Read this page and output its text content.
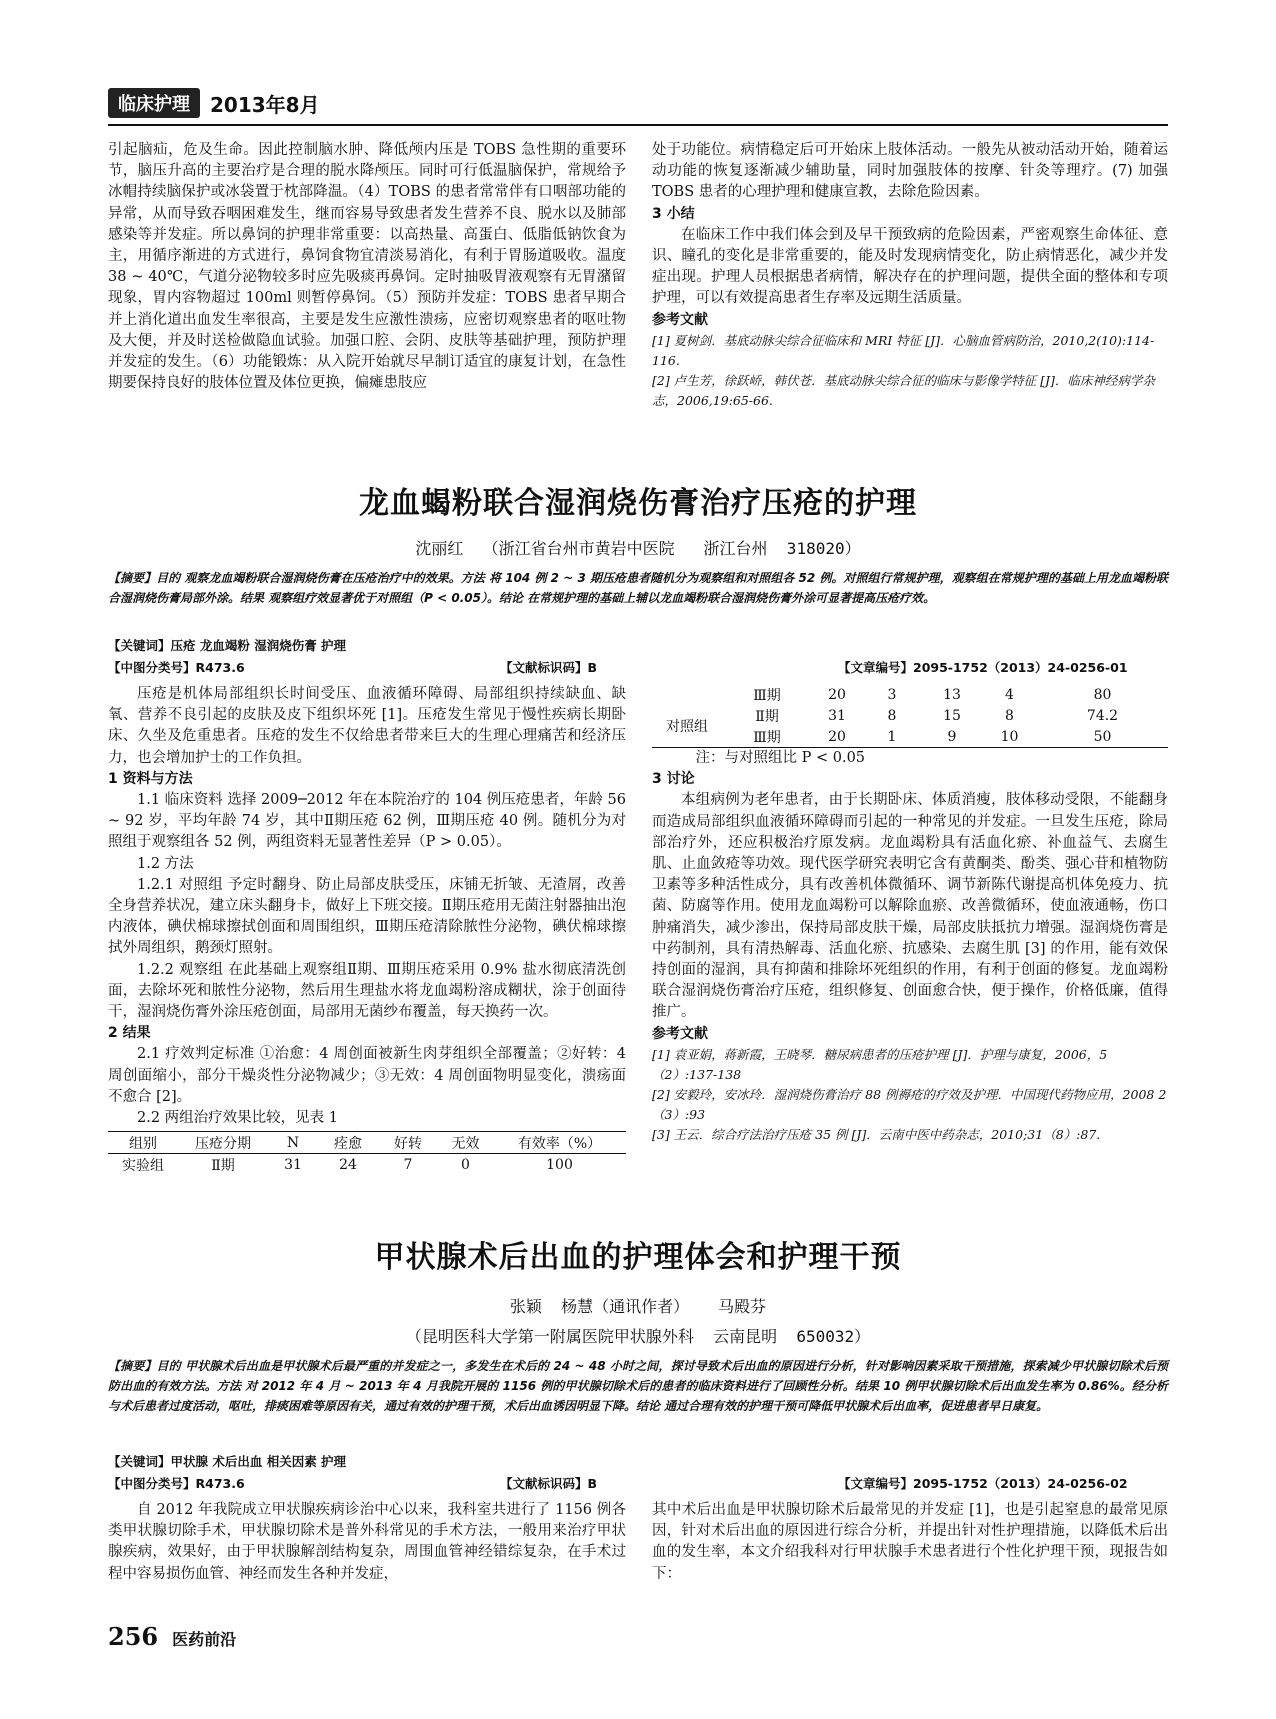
临床护理	2013年8月

引起脑疝，危及生命。因此控制脑水肿、降低颅内压是 TOBS 急性期的重要环节，脑压升高的主要治疗是合理的脱水降颅压。同时可行低温脑保护，常规给予冰帽持续脑保护或冰袋置于枕部降温。（4）TOBS 的患者常常伴有口咽部功能的异常，从而导致吞咽困难发生，继而容易导致患者发生营养不良、脱水以及肺部感染等并发症。所以鼻饲的护理非常重要：以高热量、高蛋白、低脂低钠饮食为主，用循序渐进的方式进行，鼻饲食物宜清淡易消化，有利于胃肠道吸收。温度 38 ~ 40℃，气道分泌物较多时应先吸痰再鼻饲。定时抽吸胃液观察有无胃潴留现象，胃内容物超过 100ml 则暂停鼻饲。（5）预防并发症：TOBS 患者早期合并上消化道出血发生率很高，主要是发生应激性溃疡，应密切观察患者的呕吐物及大便，并及时送检做隐血试验。加强口腔、会阴、皮肤等基础护理，预防护理并发症的发生。（6）功能锻炼：从入院开始就尽早制订适宜的康复计划，在急性期要保持良好的肢体位置及体位更换，偏瘫患肢应

处于功能位。病情稳定后可开始床上肢体活动。一般先从被动活动开始，随着运动功能的恢复逐渐减少辅助量，同时加强肢体的按摩、针灸等理疗。(7) 加强 TOBS 患者的心理护理和健康宣教，去除危险因素。

3 小结

在临床工作中我们体会到及早干预致病的危险因素，严密观察生命体征、意识、瞳孔的变化是非常重要的，能及时发现病情变化，防止病情恶化，减少并发症出现。护理人员根据患者病情，解决存在的护理问题，提供全面的整体和专项护理，可以有效提高患者生存率及远期生活质量。

参考文献

[1] 夏树剑．基底动脉尖综合征临床和 MRI 特征 [J]．心脑血管病防治，2010,2(10):114-116.

[2] 卢生芳，徐跃峤，韩伏苍．基底动脉尖综合征的临床与影像学特征 [J]．临床神经病学杂志，2006,19:65-66.

龙血蝎粉联合湿润烧伤膏治疗压疮的护理
沈丽红  （浙江省台州市黄岩中医院   浙江台州  318020）

【摘要】目的 观察龙血竭粉联合湿润烧伤膏在压疮治疗中的效果。方法 将 104 例 2 ~ 3 期压疮患者随机分为观察组和对照组各 52 例。对照组行常规护理，观察组在常规护理的基础上用龙血竭粉联合湿润烧伤膏局部外涂。结果 观察组疗效显著优于对照组（P < 0.05）。结论 在常规护理的基础上辅以龙血竭粉联合湿润烧伤膏外涂可显著提高压疮疗效。

【关键词】压疮 龙血竭粉 湿润烧伤膏 护理
【中图分类号】R473.6	【文献标识码】B	【文章编号】2095-1752（2013）24-0256-01

压疮是机体局部组织长时间受压、血液循环障碍、局部组织持续缺血、缺氧、营养不良引起的皮肤及皮下组织坏死 [1]。压疮发生常见于慢性疾病长期卧床、久坐及危重患者。压疮的发生不仅给患者带来巨大的生理心理痛苦和经济压力，也会增加护士的工作负担。

1 资料与方法

1.1 临床资料 选择 2009─2012 年在本院治疗的 104 例压疮患者，年龄 56 ~ 92 岁，平均年龄 74 岁，其中Ⅱ期压疮 62 例，Ⅲ期压疮 40 例。随机分为对照组于观察组各 52 例，两组资料无显著性差异（P > 0.05）。

1.2 方法

1.2.1 对照组 予定时翻身、防止局部皮肤受压，床铺无折皱、无渣屑，改善全身营养状况，建立床头翻身卡，做好上下班交接。Ⅱ期压疮用无菌注射器抽出泡内液体，碘伏棉球擦拭创面和周围组织，Ⅲ期压疮清除脓性分泌物，碘伏棉球擦拭外周组织，鹅颈灯照射。

1.2.2 观察组 在此基础上观察组Ⅱ期、Ⅲ期压疮采用 0.9% 盐水彻底清洗创面，去除坏死和脓性分泌物，然后用生理盐水将龙血竭粉溶成糊状，涂于创面待干，湿润烧伤膏外涂压疮创面，局部用无菌纱布覆盖，每天换药一次。

2 结果

2.1 疗效判定标准 ①治愈：4 周创面被新生肉芽组织全部覆盖；②好转：4 周创面缩小，部分干燥炎性分泌物减少；③无效：4 周创面物明显变化，溃疡面不愈合 [2]。

2.2 两组治疗效果比较，见表 1

组别	压疮分期	N	痊愈	好转	无效	有效率（%）
实验组	Ⅱ期	31	24	7	0	100
	Ⅲ期	20	3	13	4	80
对照组	Ⅱ期	31	8	15	8	74.2
	Ⅲ期	20	1	9	10	50

注：与对照组比 P < 0.05

3 讨论

本组病例为老年患者，由于长期卧床、体质消瘦，肢体移动受限，不能翻身而造成局部组织血液循环障碍而引起的一种常见的并发症。一旦发生压疮，除局部治疗外，还应积极治疗原发病。龙血竭粉具有活血化瘀、补血益气、去腐生肌、止血敛疮等功效。现代医学研究表明它含有黄酮类、酚类、强心苷和植物防卫素等多种活性成分，具有改善机体微循环、调节新陈代谢提高机体免疫力、抗菌、防腐等作用。使用龙血竭粉可以解除血瘀、改善微循环，使血液通畅，伤口肿痛消失，减少渗出，保持局部皮肤干燥，局部皮肤抵抗力增强。湿润烧伤膏是中药制剂，具有清热解毒、活血化瘀、抗感染、去腐生肌 [3] 的作用，能有效保持创面的湿润，具有抑菌和排除坏死组织的作用，有利于创面的修复。龙血竭粉联合湿润烧伤膏治疗压疮，组织修复、创面愈合快，便于操作，价格低廉，值得推广。

参考文献

[1] 袁亚娟，蒋新霞，王晓琴．糖尿病患者的压疮护理 [J]．护理与康复，2006，5（2）:137-138

[2] 安毅玲，安冰玲．湿润烧伤膏治疗 88 例褥疮的疗效及护理．中国现代药物应用，2008 2（3）:93

[3] 王云．综合疗法治疗压疮 35 例 [J]．云南中医中药杂志，2010;31（8）:87.

甲状腺术后出血的护理体会和护理干预
张颖  杨慧（通讯作者）   马殿芬
（昆明医科大学第一附属医院甲状腺外科  云南昆明  650032）

【摘要】目的 甲状腺术后出血是甲状腺术后最严重的并发症之一，多发生在术后的 24 ~ 48 小时之间，探讨导致术后出血的原因进行分析，针对影响因素采取干预措施，探索减少甲状腺切除术后预防出血的有效方法。方法 对 2012 年 4 月 ~ 2013 年 4 月我院开展的 1156 例的甲状腺切除术后的患者的临床资料进行了回顾性分析。结果 10 例甲状腺切除术后出血发生率为 0.86%。经分析与术后患者过度活动，呕吐，排痰困难等原因有关，通过有效的护理干预，术后出血诱因明显下降。结论 通过合理有效的护理干预可降低甲状腺术后出血率，促进患者早日康复。

【关键词】甲状腺 术后出血 相关因素 护理
【中图分类号】R473.6	【文献标识码】B	【文章编号】2095-1752（2013）24-0256-02

自 2012 年我院成立甲状腺疾病诊治中心以来，我科室共进行了 1156 例各类甲状腺切除手术，甲状腺切除术是普外科常见的手术方法，一般用来治疗甲状腺疾病，效果好，由于甲状腺解剖结构复杂，周围血管神经错综复杂，在手术过程中容易损伤血管、神经而发生各种并发症，

其中术后出血是甲状腺切除术后最常见的并发症 [1]，也是引起窒息的最常见原因，针对术后出血的原因进行综合分析，并提出针对性护理措施，以降低术后出血的发生率，本文介绍我科对行甲状腺手术患者进行个性化护理干预，现报告如下：

256 医药前沿
